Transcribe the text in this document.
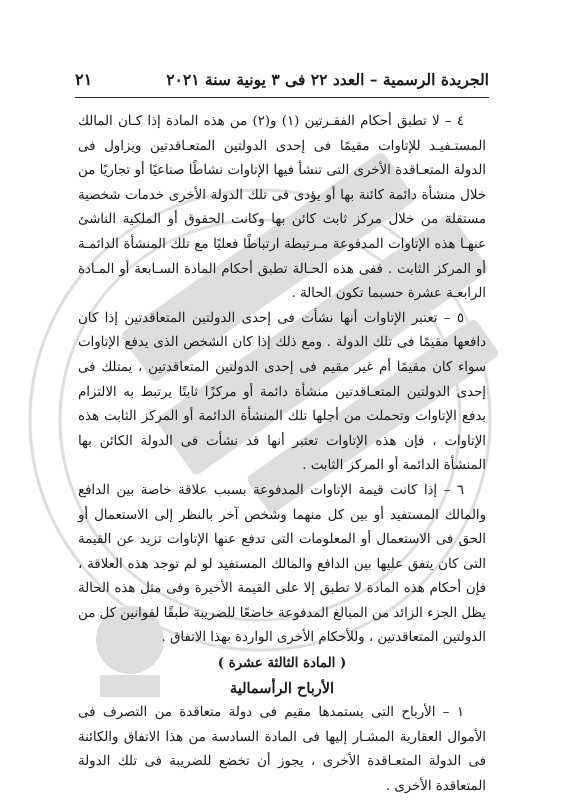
الجريدة الرسمية – العدد ٢٢ فى ٣ يونية سنة ٢٠٢١
٢١

٤ – لا تطبق أحكام الفقـرتين (١) و(٢) من هذه المادة إذا كـان المالك المستـفيـد للإتاوات مقيمًا فى إحدى الدولتين المتعـاقدتين ويزاول فى الدولة المتعـاقدة الأخرى التى تنشأ فيها الإتاوات نشاطًا صناعيًا أو تجاريًا من خلال منشأة دائمة كائنة بها أو يؤدى فى تلك الدولة الأخرى خدمات شخصية مستقلة من خلال مركز ثابت كائن بها وكانت الحقوق أو الملكية الناشئ عنهـا هذه الإتاوات المدفوعة مـرتبطة ارتباطًا فعليًا مع تلك المنشأة الدائمـة أو المركز الثابت . ففى هذه الحـالة تطبق أحكام المادة السـابعة أو المـادة الرابعـة عشرة حسبما تكون الحالة .

٥ – تعتبر الإتاوات أنها نشأت فى إحدى الدولتين المتعاقدتين إذا كان دافعها مقيمًا فى تلك الدولة . ومع ذلك إذا كان الشخص الذى يدفع الإتاوات سواء كان مقيمًا أم غير مقيم فى إحدى الدولتين المتعاقدتين ، يمتلك فى إحدى الدولتين المتعـاقدتين منشأة دائمة أو مركزًا ثابتًا يرتبط به الالتزام بدفع الإتاوات وتحملت من أجلها تلك المنشأة الدائمة أو المركز الثابت هذه الإتاوات ، فإن هذه الإتاوات تعتبر أنها قد نشأت فى الدولة الكائن بها المنشأة الدائمة أو المركز الثابت .

٦ – إذا كانت قيمة الإتاوات المدفوعة بسبب علاقة خاصة بين الدافع والمالك المستفيد أو بين كل منهما وشخص آخر بالنظر إلى الاستعمال أو الحق فى الاستعمال أو المعلومات التى تدفع عنها الإتاوات تزيد عن القيمة التى كان يتفق عليها بين الدافع والمالك المستفيد لو لم توجد هذه العلاقة ، فإن أحكام هذه المادة لا تطبق إلا على القيمة الأخيرة وفى مثل هذه الحالة يظل الجزء الزائد من المبالغ المدفوعة خاضعًا للضريبة طبقًا لقوانين كل من الدولتين المتعاقدتين ، وللأحكام الأخرى الواردة بهذا الاتفاق .

( المادة الثالثة عشرة )

الأرباح الرأسمالية

١ – الأرباح التى يستمدها مقيم فى دولة متعاقدة من التصرف فى الأموال العقارية المشـار إليها فى المادة السادسة من هذا الاتفاق والكائنة فى الدولة المتعـاقدة الأخرى ، يجوز أن تخضع للضريبة فى تلك الدولة المتعاقدة الأخرى .
